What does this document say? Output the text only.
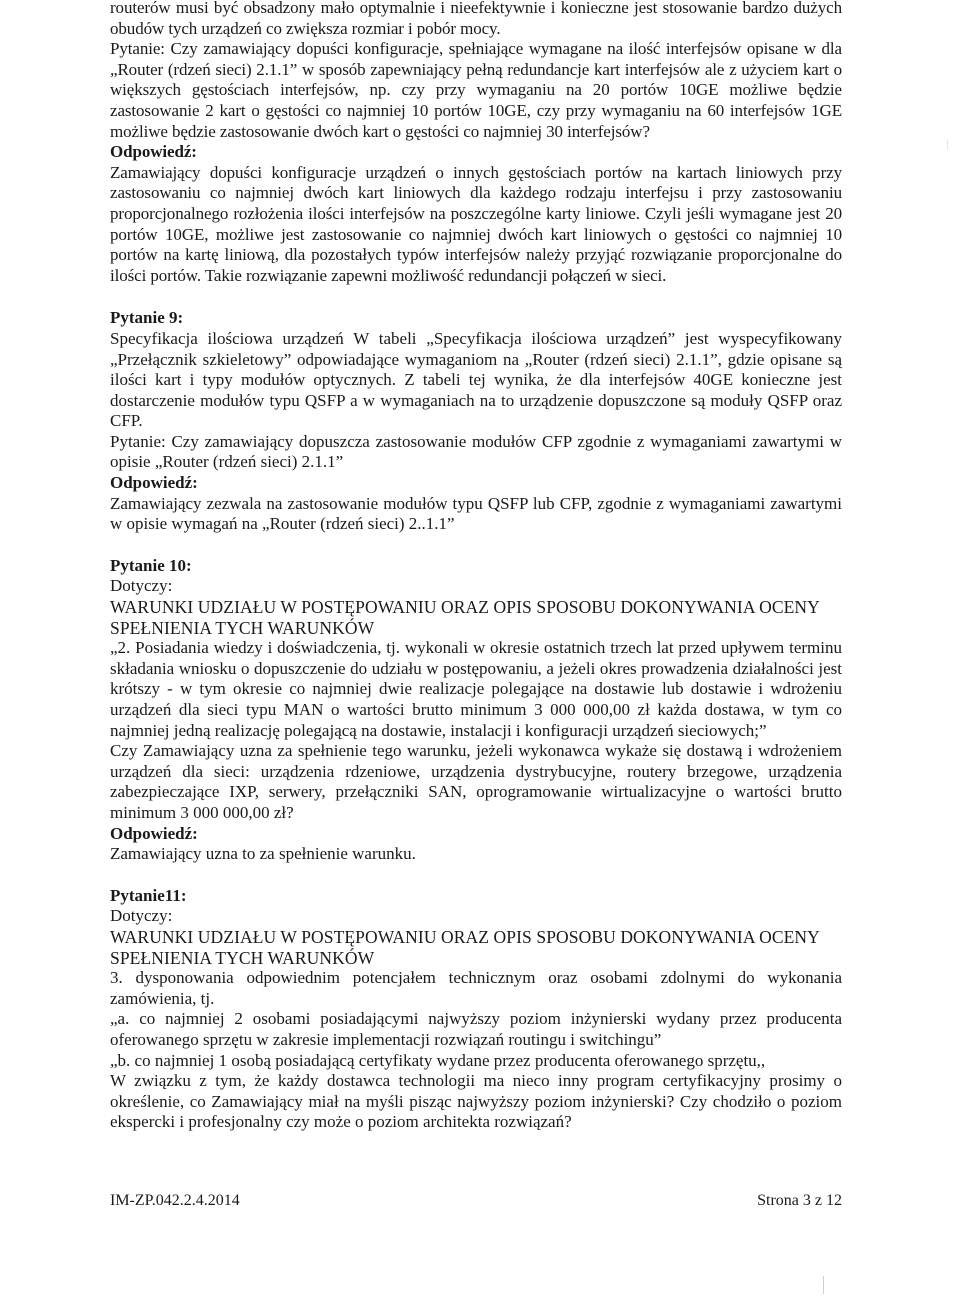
routerów musi być obsadzony mało optymalnie i nieefektywnie i konieczne jest stosowanie bardzo dużych obudów tych urządzeń co zwiększa rozmiar i pobór mocy.

Pytanie: Czy zamawiający dopuści konfiguracje, spełniające wymagane na ilość interfejsów opisane w dla „Router (rdzeń sieci) 2.1.1” w sposób zapewniający pełną redundancje kart interfejsów ale z użyciem kart o większych gęstościach interfejsów, np. czy przy wymaganiu na 20 portów 10GE możliwe będzie zastosowanie 2 kart o gęstości co najmniej 10 portów 10GE, czy przy wymaganiu na 60 interfejsów 1GE możliwe będzie zastosowanie dwóch kart o gęstości co najmniej 30 interfejsów?

Odpowiedź:

Zamawiający dopuści konfiguracje urządzeń o innych gęstościach portów na kartach liniowych przy zastosowaniu co najmniej dwóch kart liniowych dla każdego rodzaju interfejsu i przy zastosowaniu proporcjonalnego rozłożenia ilości interfejsów na poszczególne karty liniowe. Czyli jeśli wymagane jest 20 portów 10GE, możliwe jest zastosowanie co najmniej dwóch kart liniowych o gęstości co najmniej 10 portów na kartę liniową, dla pozostałych typów interfejsów należy przyjąć rozwiązanie proporcjonalne do ilości portów. Takie rozwiązanie zapewni możliwość redundancji połączeń w sieci.

Pytanie 9:

Specyfikacja ilościowa urządzeń W tabeli „Specyfikacja ilościowa urządzeń” jest wyspecyfikowany „Przełącznik szkieletowy” odpowiadające wymaganiom na „Router (rdzeń sieci) 2.1.1”, gdzie opisane są ilości kart i typy modułów optycznych. Z tabeli tej wynika, że dla interfejsów 40GE konieczne jest dostarczenie modułów typu QSFP a w wymaganiach na to urządzenie dopuszczone są moduły QSFP oraz CFP.

Pytanie: Czy zamawiający dopuszcza zastosowanie modułów CFP zgodnie z wymaganiami zawartymi w opisie „Router (rdzeń sieci) 2.1.1”

Odpowiedź:

Zamawiający zezwala na zastosowanie modułów typu QSFP lub CFP, zgodnie z wymaganiami zawartymi w opisie wymagań na „Router (rdzeń sieci) 2..1.1”

Pytanie 10:

Dotyczy:

WARUNKI UDZIAŁU W POSTĘPOWANIU ORAZ OPIS SPOSOBU DOKONYWANIA OCENY SPEŁNIENIA TYCH WARUNKÓW

„2. Posiadania wiedzy i doświadczenia, tj. wykonali w okresie ostatnich trzech lat przed upływem terminu składania wniosku o dopuszczenie do udziału w postępowaniu, a jeżeli okres prowadzenia działalności jest krótszy - w tym okresie co najmniej dwie realizacje polegające na dostawie lub dostawie i wdrożeniu urządzeń dla sieci typu MAN o wartości brutto minimum 3 000 000,00 zł każda dostawa, w tym co najmniej jedną realizację polegającą na dostawie, instalacji i konfiguracji urządzeń sieciowych;”

Czy Zamawiający uzna za spełnienie tego warunku, jeżeli wykonawca wykaże się dostawą i wdrożeniem urządzeń dla sieci: urządzenia rdzeniowe, urządzenia dystrybucyjne, routery brzegowe, urządzenia zabezpieczające IXP, serwery, przełączniki SAN, oprogramowanie wirtualizacyjne o wartości brutto minimum 3 000 000,00 zł?

Odpowiedź:

Zamawiający uzna to za spełnienie warunku.

Pytanie11:

Dotyczy:

WARUNKI UDZIAŁU W POSTĘPOWANIU ORAZ OPIS SPOSOBU DOKONYWANIA OCENY SPEŁNIENIA TYCH WARUNKÓW

3. dysponowania odpowiednim potencjałem technicznym oraz osobami zdolnymi do wykonania zamówienia, tj.

„a. co najmniej 2 osobami posiadającymi najwyższy poziom inżynierski wydany przez producenta oferowanego sprzętu w zakresie implementacji rozwiązań routingu i switchingu”

„b. co najmniej 1 osobą posiadającą certyfikaty wydane przez producenta oferowanego sprzętu,,

W związku z tym, że każdy dostawca technologii ma nieco inny program certyfikacyjny prosimy o określenie, co Zamawiający miał na myśli pisząc najwyższy poziom inżynierski? Czy chodziło o poziom ekspercki i profesjonalny czy może o poziom architekta rozwiązań?

IM-ZP.042.2.4.2014	Strona 3 z 12
